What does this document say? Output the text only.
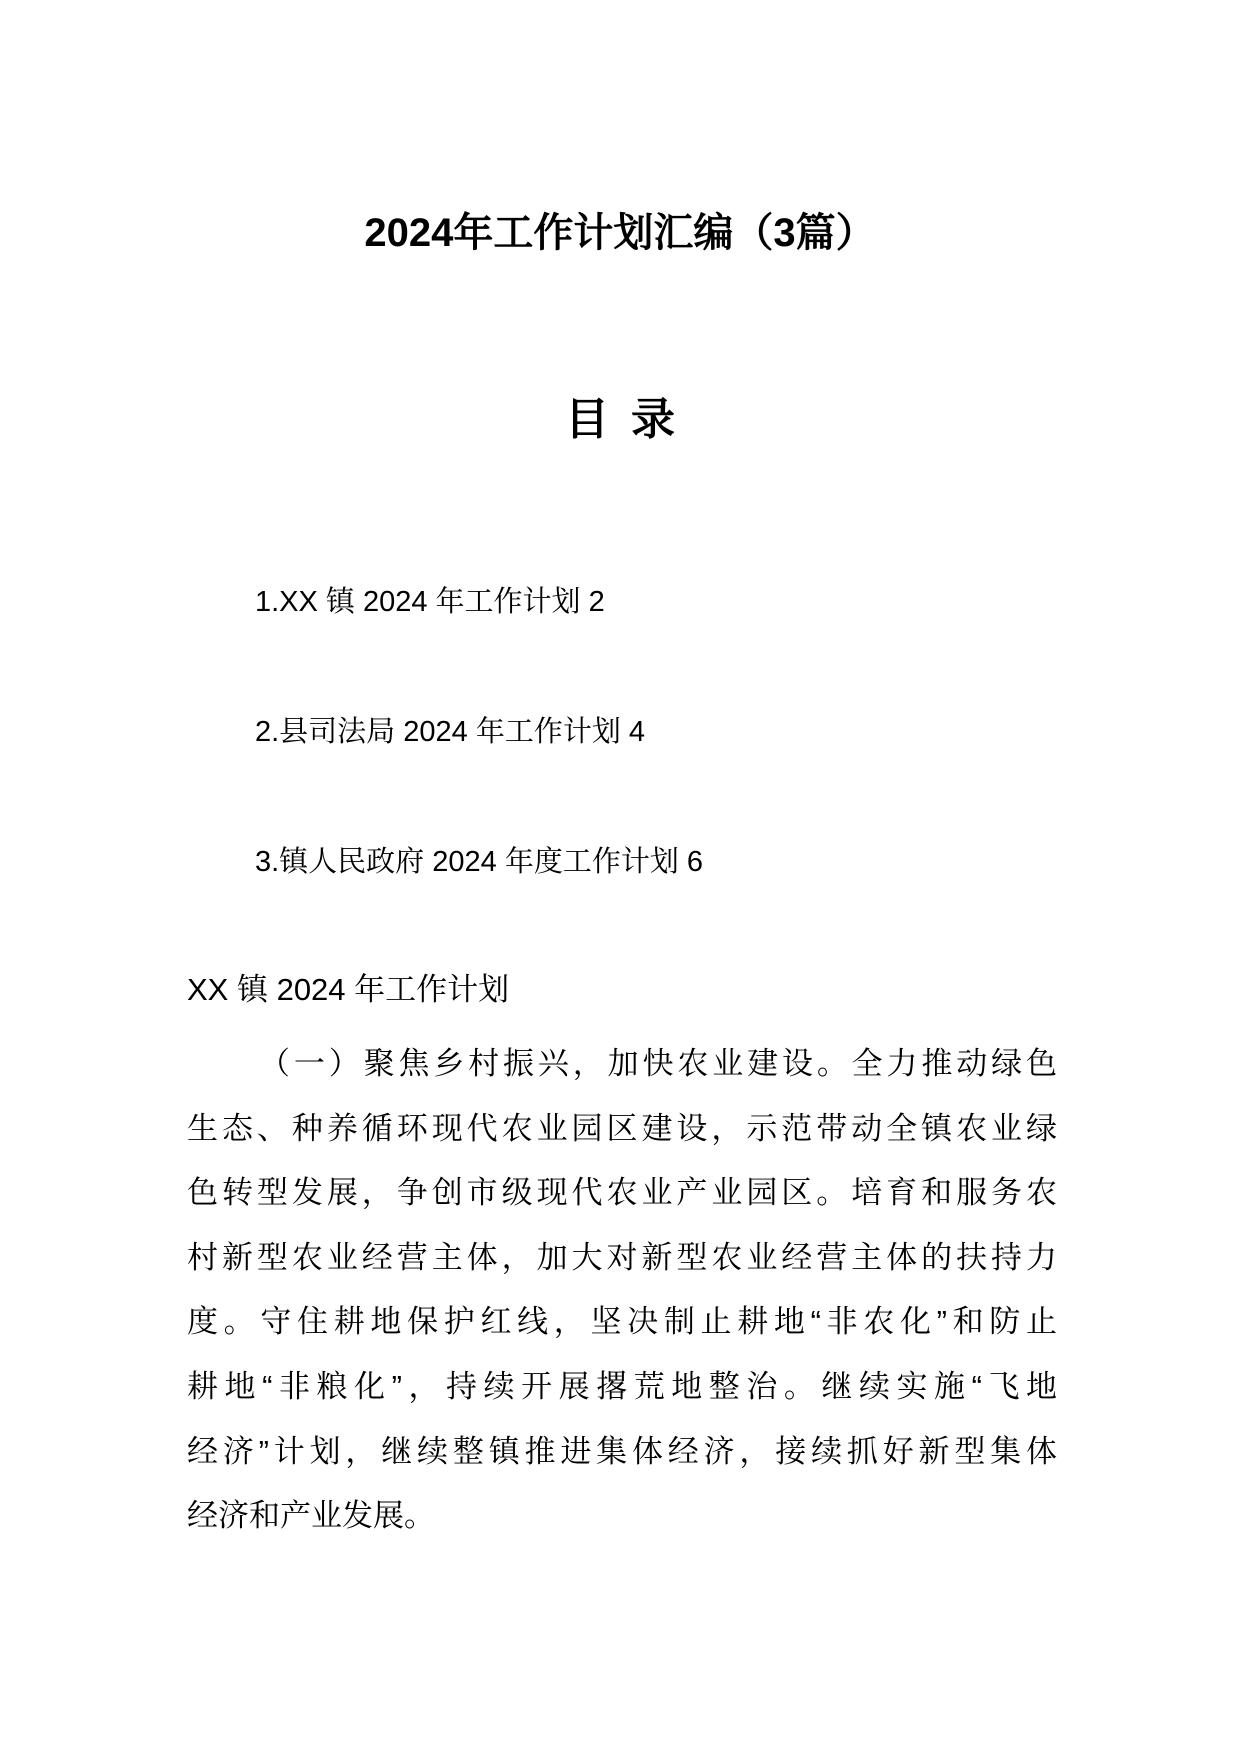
2024年工作计划汇编（3篇）
目 录
1.XX 镇 2024 年工作计划 2
2.县司法局 2024 年工作计划 4
3.镇人民政府 2024 年度工作计划 6
XX 镇 2024 年工作计划
（一）聚焦乡村振兴，加快农业建设。全力推动绿色
生态、种养循环现代农业园区建设，示范带动全镇农业绿
色转型发展，争创市级现代农业产业园区。培育和服务农
村新型农业经营主体，加大对新型农业经营主体的扶持力
度。守住耕地保护红线，坚决制止耕地“非农化”和防止
耕地“非粮化”，持续开展撂荒地整治。继续实施“飞地
经济”计划，继续整镇推进集体经济，接续抓好新型集体
经济和产业发展。
